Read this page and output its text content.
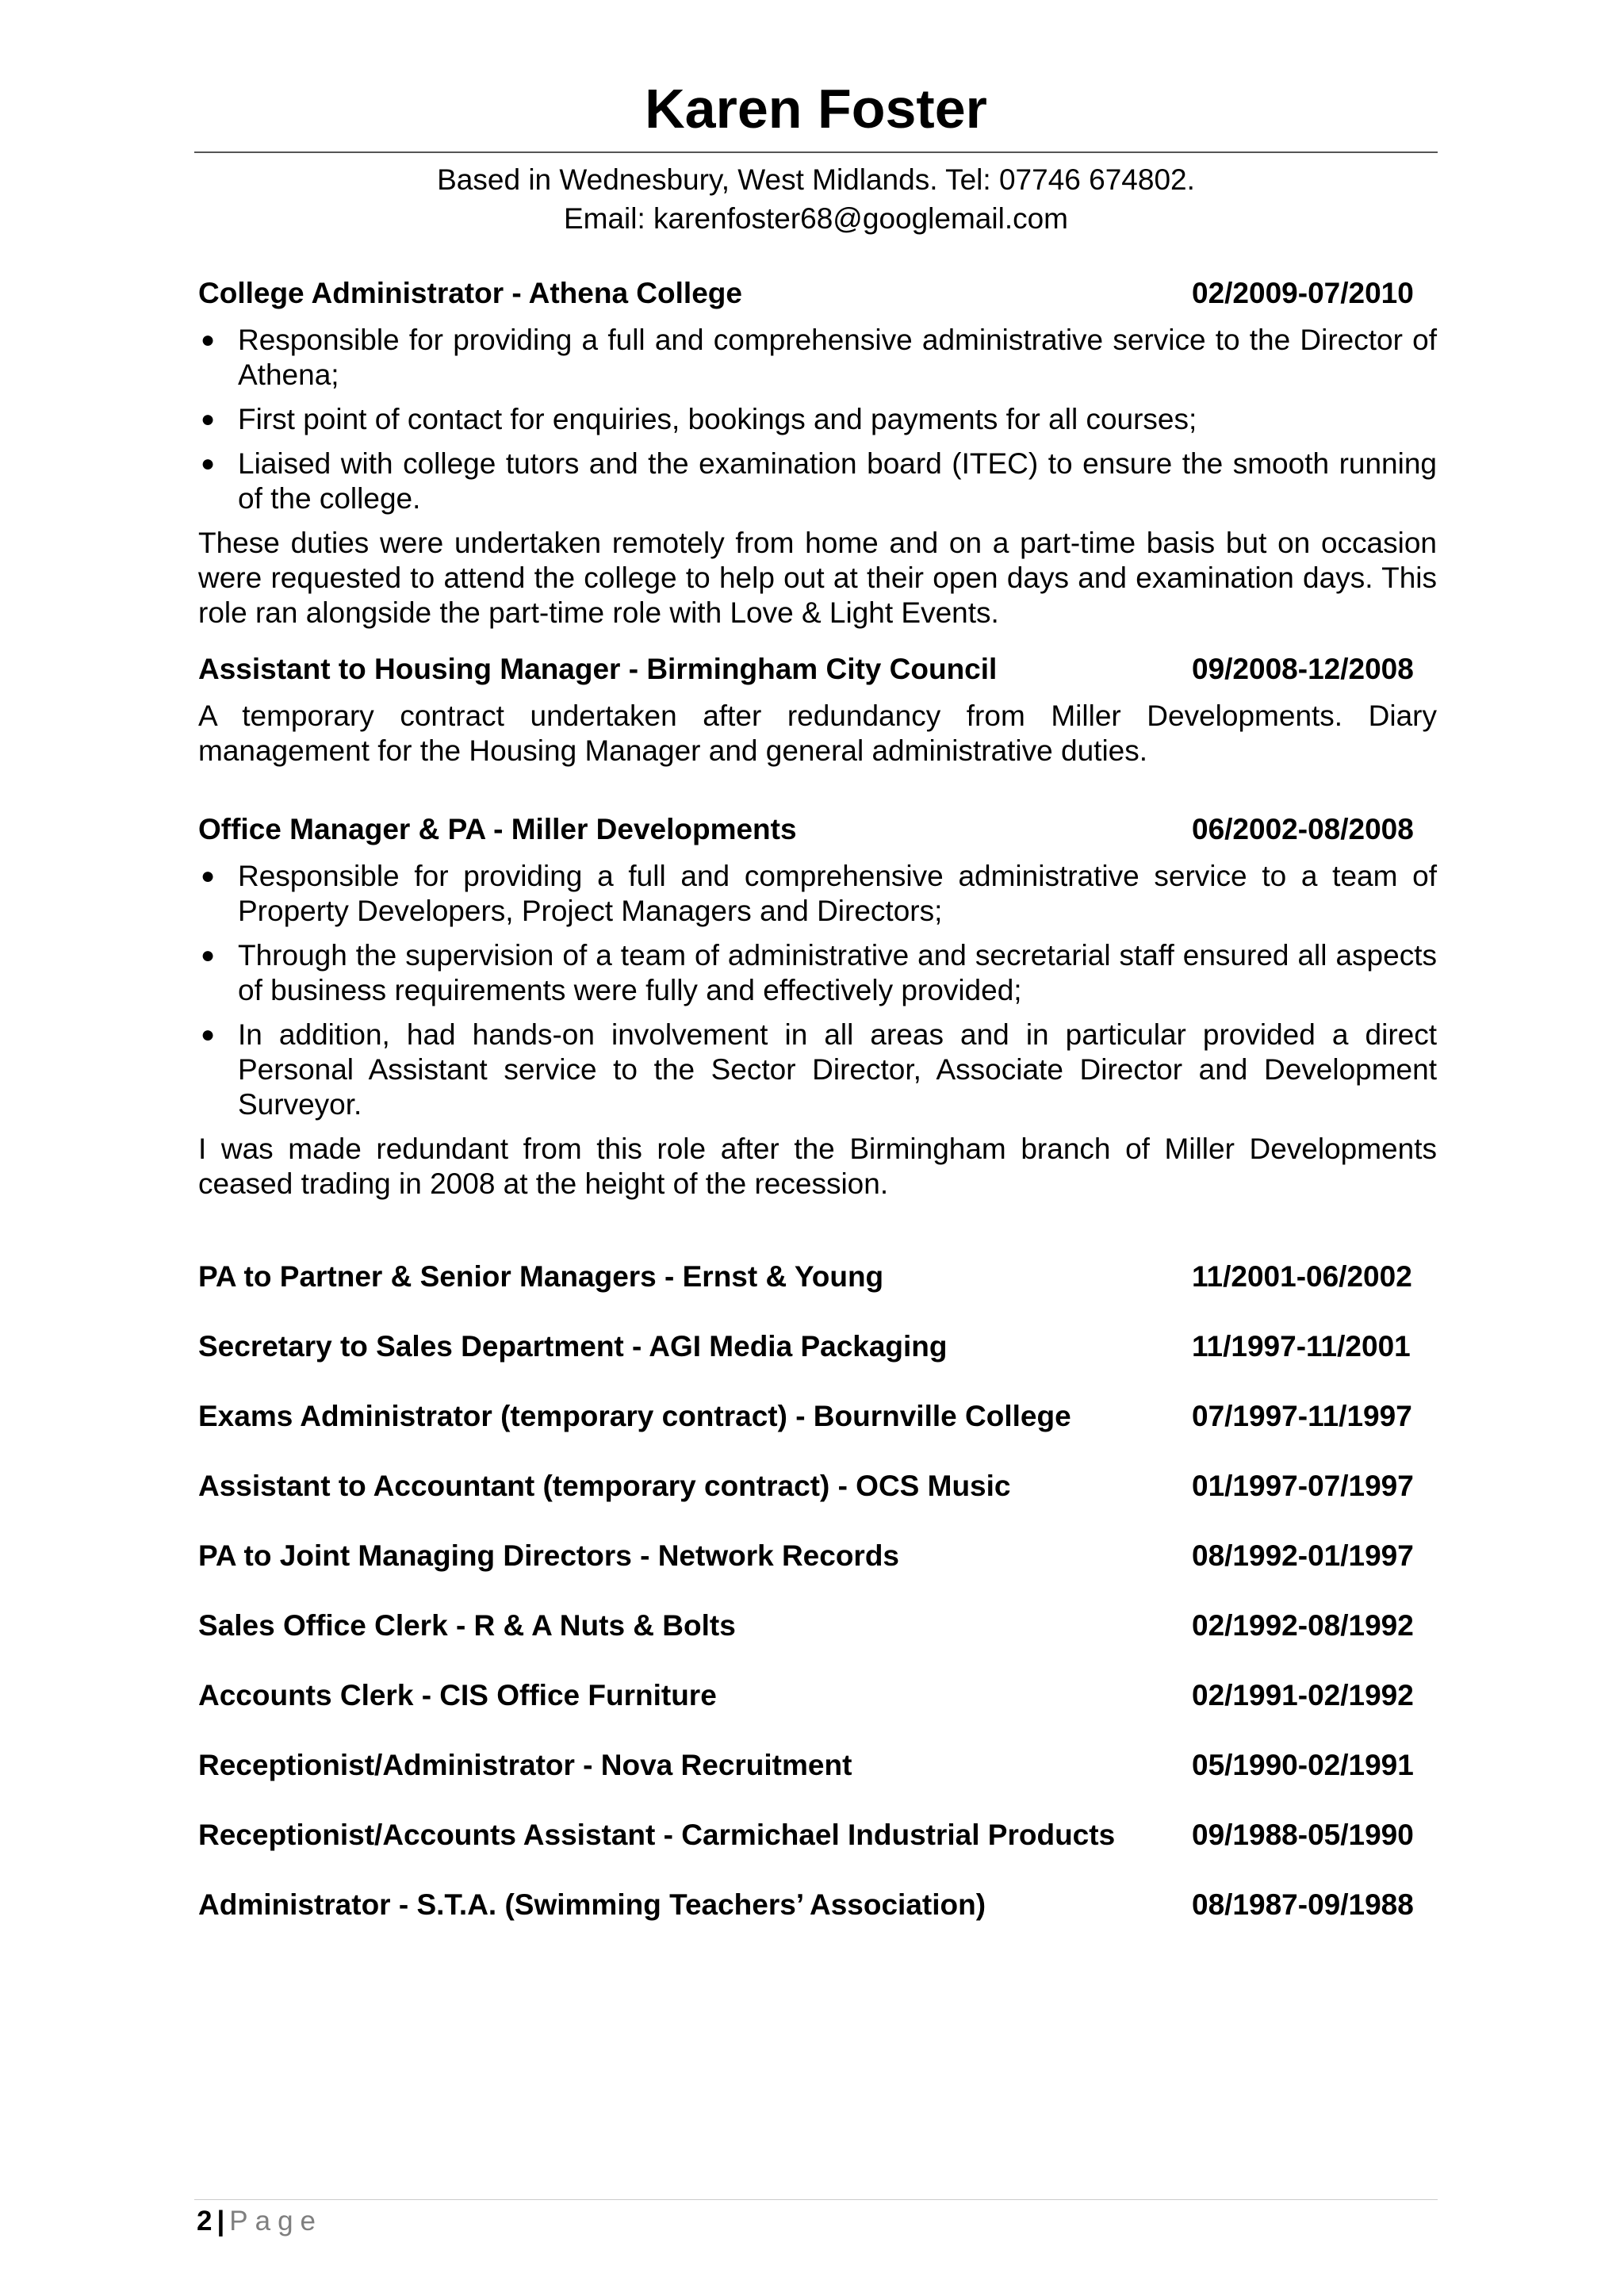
Karen Foster
Based in Wednesbury, West Midlands. Tel: 07746 674802.
Email: karenfoster68@googlemail.com
College Administrator - Athena College	02/2009-07/2010
● Responsible for providing a full and comprehensive administrative service to the Director of Athena;
● First point of contact for enquiries, bookings and payments for all courses;
● Liaised with college tutors and the examination board (ITEC) to ensure the smooth running of the college.

These duties were undertaken remotely from home and on a part-time basis but on occasion were requested to attend the college to help out at their open days and examination days. This role ran alongside the part-time role with Love & Light Events.

Assistant to Housing Manager - Birmingham City Council	09/2008-12/2008

A temporary contract undertaken after redundancy from Miller Developments. Diary management for the Housing Manager and general administrative duties.

Office Manager & PA - Miller Developments	06/2002-08/2008
● Responsible for providing a full and comprehensive administrative service to a team of Property Developers, Project Managers and Directors;
● Through the supervision of a team of administrative and secretarial staff ensured all aspects of business requirements were fully and effectively provided;
● In addition, had hands-on involvement in all areas and in particular provided a direct Personal Assistant service to the Sector Director, Associate Director and Development Surveyor.

I was made redundant from this role after the Birmingham branch of Miller Developments ceased trading in 2008 at the height of the recession.

PA to Partner & Senior Managers - Ernst & Young	11/2001-06/2002
Secretary to Sales Department - AGI Media Packaging	11/1997-11/2001
Exams Administrator (temporary contract) - Bournville College	07/1997-11/1997
Assistant to Accountant (temporary contract) - OCS Music	01/1997-07/1997
PA to Joint Managing Directors - Network Records	08/1992-01/1997
Sales Office Clerk - R & A Nuts & Bolts	02/1992-08/1992
Accounts Clerk - CIS Office Furniture	02/1991-02/1992
Receptionist/Administrator - Nova Recruitment	05/1990-02/1991
Receptionist/Accounts Assistant - Carmichael Industrial Products	09/1988-05/1990
Administrator - S.T.A. (Swimming Teachers’ Association)	08/1987-09/1988
2 | Page
